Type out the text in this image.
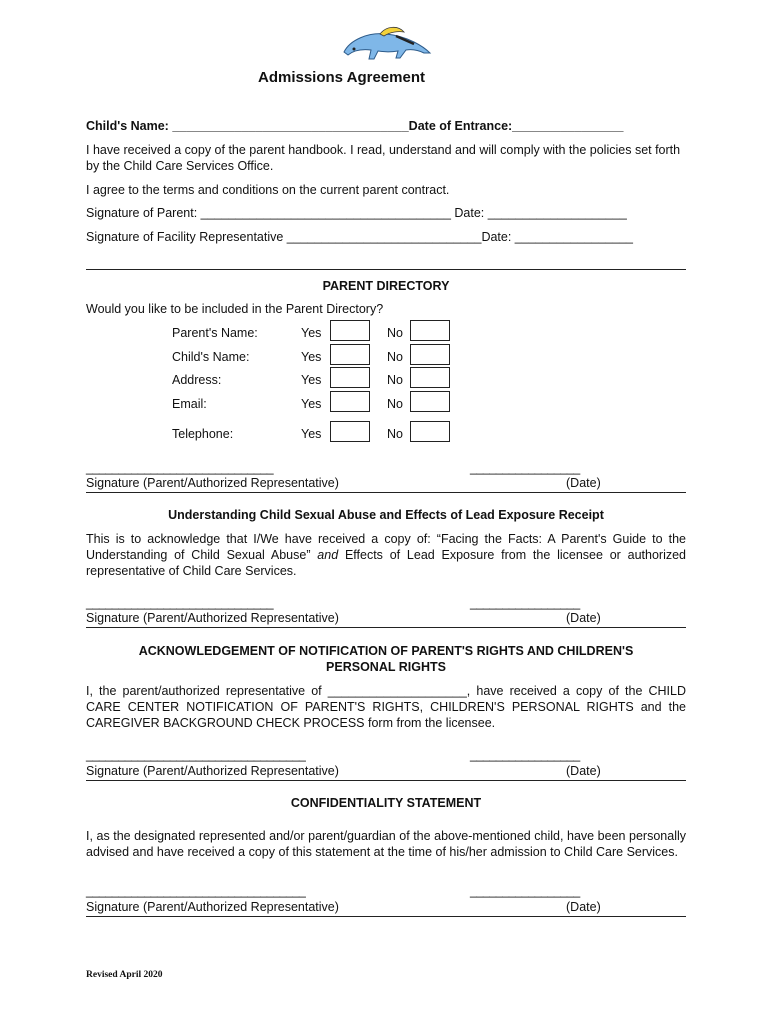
Admissions Agreement
Child's Name: __________________________________Date of Entrance:________________
I have received a copy of the parent handbook. I read, understand and will comply with the policies set forth by the Child Care Services Office.
I agree to the terms and conditions on the current parent contract.
Signature of Parent: ____________________________________ Date: ____________________
Signature of Facility Representative ____________________________Date: _________________
PARENT DIRECTORY
Would you like to be included in the Parent Directory?
Parent's Name:	Yes	No
Child's Name:	Yes	No
Address:	Yes	No
Email:	Yes	No
Telephone:	Yes	No
_____________________________	_________________
Signature (Parent/Authorized Representative)	(Date)
Understanding Child Sexual Abuse and Effects of Lead Exposure Receipt
This is to acknowledge that I/We have received a copy of: “Facing the Facts: A Parent's Guide to the Understanding of Child Sexual Abuse” and Effects of Lead Exposure from the licensee or authorized representative of Child Care Services.
_____________________________	_________________
Signature (Parent/Authorized Representative)	(Date)
ACKNOWLEDGEMENT OF NOTIFICATION OF PARENT'S RIGHTS AND CHILDREN'S
PERSONAL RIGHTS
I, the parent/authorized representative of ____________________, have received a copy of the CHILD CARE CENTER NOTIFICATION OF PARENT'S RIGHTS, CHILDREN'S PERSONAL RIGHTS and the CAREGIVER BACKGROUND CHECK PROCESS form from the licensee.
__________________________________	_________________
Signature (Parent/Authorized Representative)	(Date)
CONFIDENTIALITY STATEMENT
I, as the designated represented and/or parent/guardian of the above-mentioned child, have been personally advised and have received a copy of this statement at the time of his/her admission to Child Care Services.
__________________________________	_________________
Signature (Parent/Authorized Representative)	(Date)
Revised April 2020
